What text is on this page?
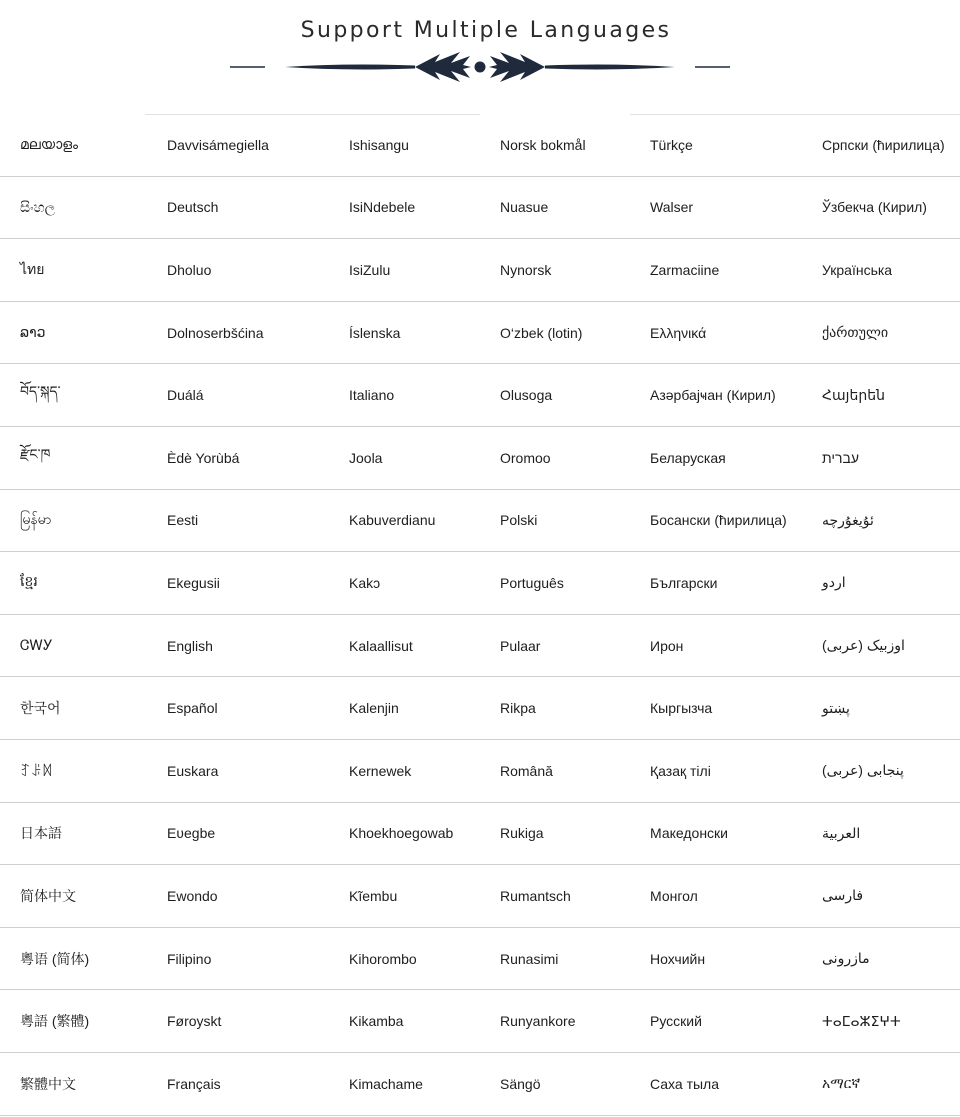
Support Multiple Languages
മലയാളം	Davvisámegiella	Ishisangu	Norsk bokmål	Türkçe	Српски (ћирилица)
සිංහල	Deutsch	IsiNdebele	Nuasue	Walser	Ўзбекча (Кирил)
ไทย	Dholuo	IsiZulu	Nynorsk	Zarmaciine	Українська
ລາວ	Dolnoserbšćina	Íslenska	O‘zbek (lotin)	Ελληνικά	ქართული
བོད་སྐད་	Duálá	Italiano	Olusoga	Азәрбајҹан (Кирил)	Հայերեն
རྫོང་ཁ	Èdè Yorùbá	Joola	Oromoo	Беларуская	עברית
မြန်မာ	Eesti	Kabuverdianu	Polski	Босански (ћирилица)	ئۇيغۇرچە
ខ្មែរ	Ekegusii	Kakɔ	Português	Български	اردو
ᏣᎳᎩ	English	Kalaallisut	Pulaar	Ирон	اوزبیک (عربی)
한국어	Español	Kalenjin	Rikpa	Кыргызча	پښتو
ꆈꌠꉙ	Euskara	Kernewek	Română	Қазақ тілі	پنجابی (عربی)
日本語	Eʋegbe	Khoekhoegowab	Rukiga	Македонски	العربية
简体中文	Ewondo	Kĩembu	Rumantsch	Монгол	فارسی
粵语 (简体)	Filipino	Kihorombo	Runasimi	Нохчийн	مازرونی
粵語 (繁體)	Føroyskt	Kikamba	Runyankore	Русский	ⵜⴰⵎⴰⵣⵉⵖⵜ
繁體中文	Français	Kimachame	Sängö	Саха тыла	አማርኛ
